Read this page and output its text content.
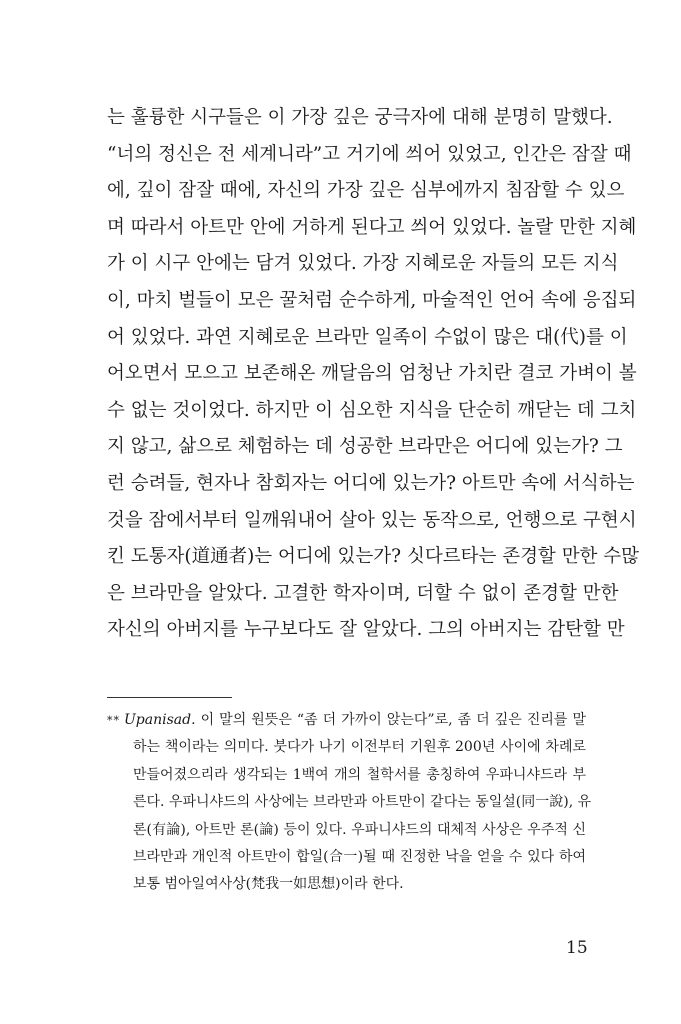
는 훌륭한 시구들은 이 가장 깊은 궁극자에 대해 분명히 말했다.
“너의 정신은 전 세계니라”고 거기에 씌어 있었고, 인간은 잠잘 때
에, 깊이 잠잘 때에, 자신의 가장 깊은 심부에까지 침잠할 수 있으
며 따라서 아트만 안에 거하게 된다고 씌어 있었다. 놀랄 만한 지혜
가 이 시구 안에는 담겨 있었다. 가장 지혜로운 자들의 모든 지식
이, 마치 벌들이 모은 꿀처럼 순수하게, 마술적인 언어 속에 응집되
어 있었다. 과연 지혜로운 브라만 일족이 수없이 많은 대(代)를 이
어오면서 모으고 보존해온 깨달음의 엄청난 가치란 결코 가벼이 볼
수 없는 것이었다. 하지만 이 심오한 지식을 단순히 깨닫는 데 그치
지 않고, 삶으로 체험하는 데 성공한 브라만은 어디에 있는가? 그
런 승려들, 현자나 참회자는 어디에 있는가? 아트만 속에 서식하는
것을 잠에서부터 일깨워내어 살아 있는 동작으로, 언행으로 구현시
킨 도통자(道通者)는 어디에 있는가? 싯다르타는 존경할 만한 수많
은 브라만을 알았다. 고결한 학자이며, 더할 수 없이 존경할 만한
자신의 아버지를 누구보다도 잘 알았다. 그의 아버지는 감탄할 만
** Upanisad. 이 말의 원뜻은 “좀 더 가까이 앉는다”로, 좀 더 깊은 진리를 말
하는 책이라는 의미다. 붓다가 나기 이전부터 기원후 200년 사이에 차례로
만들어졌으리라 생각되는 1백여 개의 철학서를 총칭하여 우파니샤드라 부
른다. 우파니샤드의 사상에는 브라만과 아트만이 같다는 동일설(同一說), 유
론(有論), 아트만 론(論) 등이 있다. 우파니샤드의 대체적 사상은 우주적 신
브라만과 개인적 아트만이 합일(合一)될 때 진정한 낙을 얻을 수 있다 하여
보통 범아일여사상(梵我一如思想)이라 한다.
15
